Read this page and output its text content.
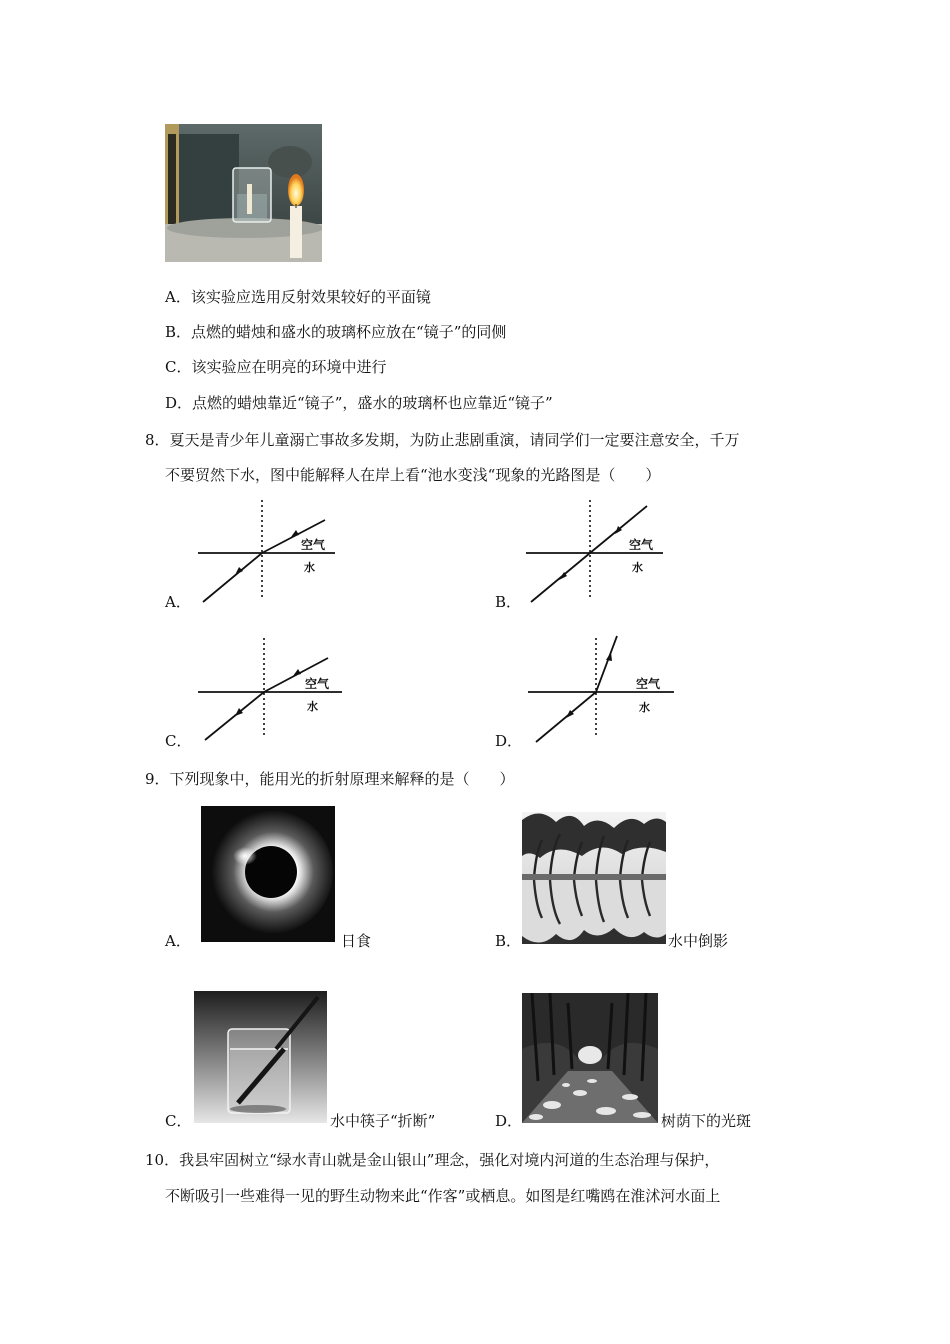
A．该实验应选用反射效果较好的平面镜
B．点燃的蜡烛和盛水的玻璃杯应放在“镜子”的同侧
C．该实验应在明亮的环境中进行
D．点燃的蜡烛靠近“镜子”，盛水的玻璃杯也应靠近“镜子”
8．夏天是青少年儿童溺亡事故多发期，为防止悲剧重演，请同学们一定要注意安全，千万
不要贸然下水，图中能解释人在岸上看“池水变浅“现象的光路图是（　　）
A．
空气
水
B．
空气
水
C．
空气
水
D．
空气
水
9．下列现象中，能用光的折射原理来解释的是（　　）
A．	日食	B．	水中倒影
C．	水中筷子“折断”	D．	树荫下的光斑
10．我县牢固树立“绿水青山就是金山银山”理念，强化对境内河道的生态治理与保护，
不断吸引一些难得一见的野生动物来此“作客”或栖息。如图是红嘴鸥在淮沭河水面上
